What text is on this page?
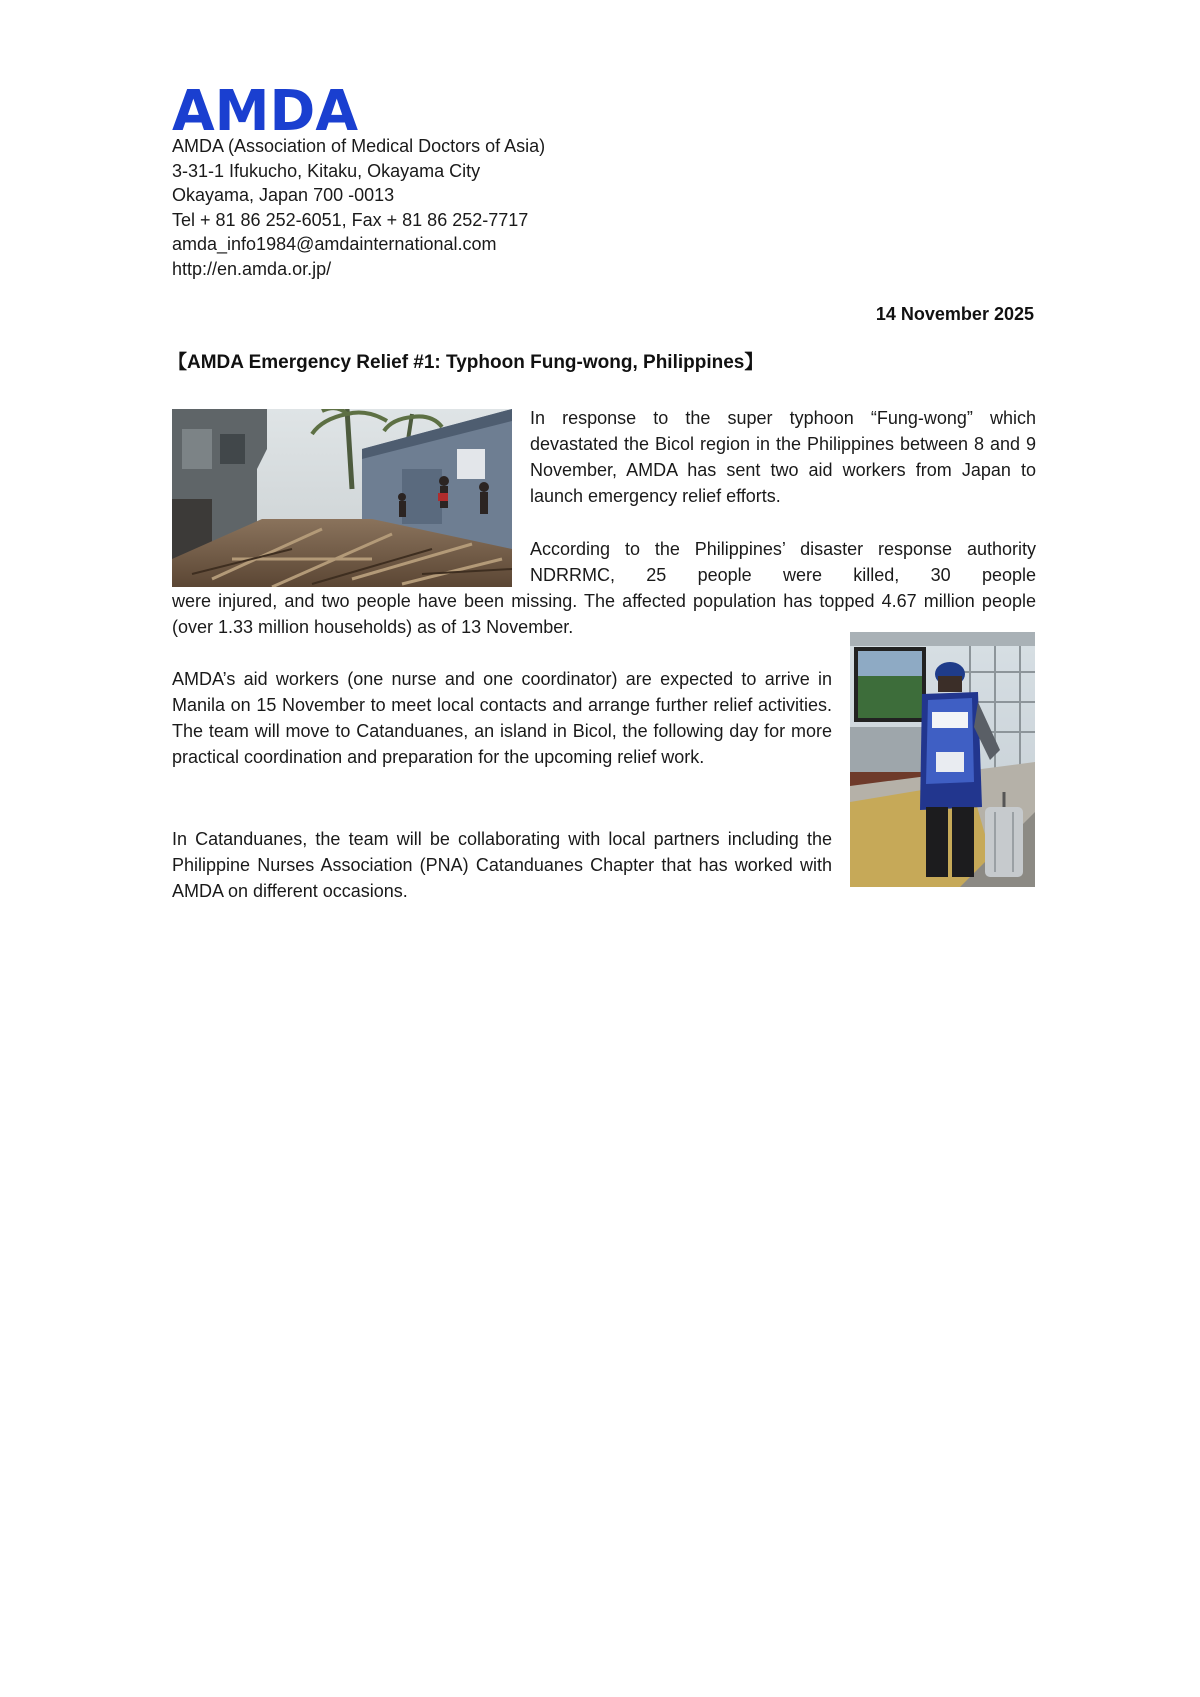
AMDA
AMDA (Association of Medical Doctors of Asia)
3-31-1 Ifukucho, Kitaku, Okayama City
Okayama, Japan 700 -0013
Tel + 81 86 252-6051, Fax + 81 86 252-7717
amda_info1984@amdainternational.com
http://en.amda.or.jp/
14 November 2025
【AMDA Emergency Relief #1: Typhoon Fung-wong, Philippines】

In response to the super typhoon “Fung-wong” which devastated the Bicol region in the Philippines between 8 and 9 November, AMDA has sent two aid workers from Japan to launch emergency relief efforts.

According to the Philippines’ disaster response authority NDRRMC, 25 people were killed, 30 people

were injured, and two people have been missing. The affected population has topped 4.67 million people (over 1.33 million households) as of 13 November.

AMDA’s aid workers (one nurse and one coordinator) are expected to arrive in Manila on 15 November to meet local contacts and arrange further relief activities. The team will move to Catanduanes, an island in Bicol, the following day for more practical coordination and preparation for the upcoming relief work.

In Catanduanes, the team will be collaborating with local partners including the Philippine Nurses Association (PNA) Catanduanes Chapter that has worked with AMDA on different occasions.
